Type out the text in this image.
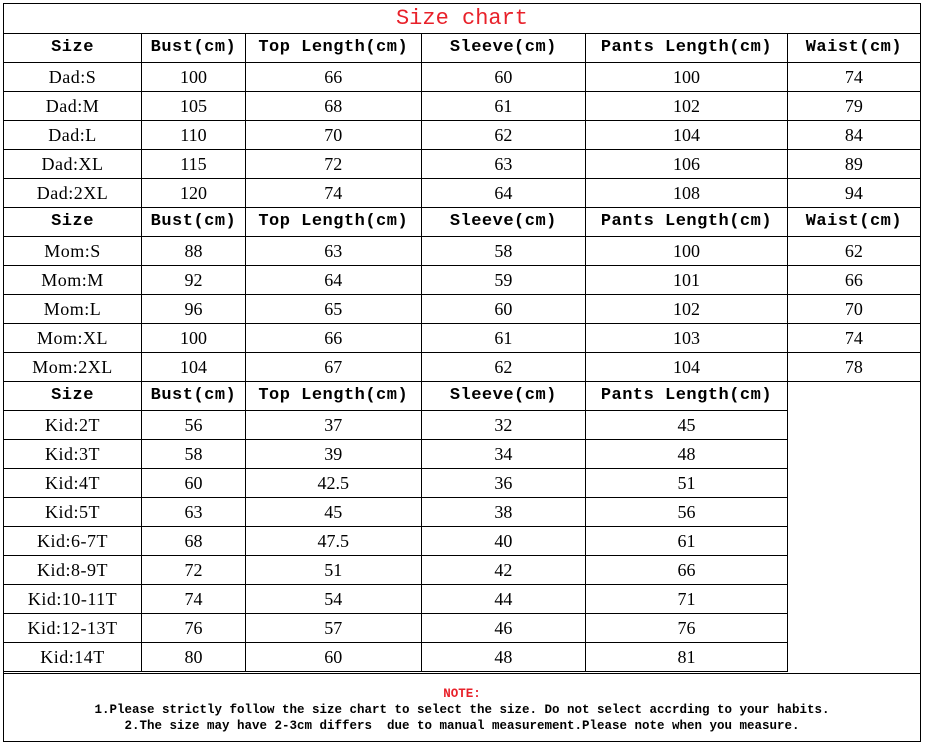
Size chart
Size	Bust(cm)	Top Length(cm)	Sleeve(cm)	Pants Length(cm)	Waist(cm)
Dad:S	100	66	60	100	74
Dad:M	105	68	61	102	79
Dad:L	110	70	62	104	84
Dad:XL	115	72	63	106	89
Dad:2XL	120	74	64	108	94
Size	Bust(cm)	Top Length(cm)	Sleeve(cm)	Pants Length(cm)	Waist(cm)
Mom:S	88	63	58	100	62
Mom:M	92	64	59	101	66
Mom:L	96	65	60	102	70
Mom:XL	100	66	61	103	74
Mom:2XL	104	67	62	104	78
Size	Bust(cm)	Top Length(cm)	Sleeve(cm)	Pants Length(cm)	
Kid:2T	56	37	32	45	
Kid:3T	58	39	34	48	
Kid:4T	60	42.5	36	51	
Kid:5T	63	45	38	56	
Kid:6-7T	68	47.5	40	61	
Kid:8-9T	72	51	42	66	
Kid:10-11T	74	54	44	71	
Kid:12-13T	76	57	46	76	
Kid:14T	80	60	48	81	
NOTE:
1.Please strictly follow the size chart to select the size. Do not select accrding to your habits.
2.The size may have 2-3cm differs  due to manual measurement.Please note when you measure.
